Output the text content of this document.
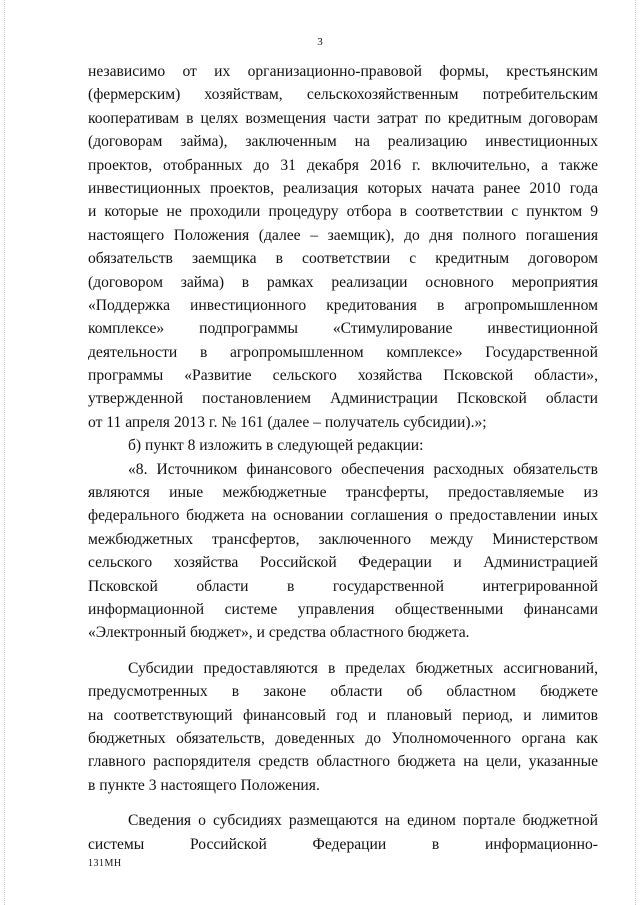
3
независимо от их организационно-правовой формы, крестьянским
(фермерским) хозяйствам, сельскохозяйственным потребительским
кооперативам в целях возмещения части затрат по кредитным договорам
(договорам займа), заключенным на реализацию инвестиционных
проектов, отобранных до 31 декабря 2016 г. включительно, а также
инвестиционных проектов, реализация которых начата ранее 2010 года
и которые не проходили процедуру отбора в соответствии с пунктом 9
настоящего Положения (далее – заемщик), до дня полного погашения
обязательств заемщика в соответствии с кредитным договором
(договором займа) в рамках реализации основного мероприятия
«Поддержка инвестиционного кредитования в агропромышленном
комплексе» подпрограммы «Стимулирование инвестиционной
деятельности в агропромышленном комплексе» Государственной
программы «Развитие сельского хозяйства Псковской области»,
утвержденной постановлением Администрации Псковской области
от 11 апреля 2013 г. № 161 (далее – получатель субсидии).»;
б) пункт 8 изложить в следующей редакции:
«8. Источником финансового обеспечения расходных обязательств
являются иные межбюджетные трансферты, предоставляемые из
федерального бюджета на основании соглашения о предоставлении иных
межбюджетных трансфертов, заключенного между Министерством
сельского хозяйства Российской Федерации и Администрацией
Псковской области в государственной интегрированной
информационной системе управления общественными финансами
«Электронный бюджет», и средства областного бюджета.
Субсидии предоставляются в пределах бюджетных ассигнований,
предусмотренных в законе области об областном бюджете
на соответствующий финансовый год и плановый период, и лимитов
бюджетных обязательств, доведенных до Уполномоченного органа как
главного распорядителя средств областного бюджета на цели, указанные
в пункте 3 настоящего Положения.
Сведения о субсидиях размещаются на едином портале бюджетной
системы Российской Федерации в информационно-
131МН
